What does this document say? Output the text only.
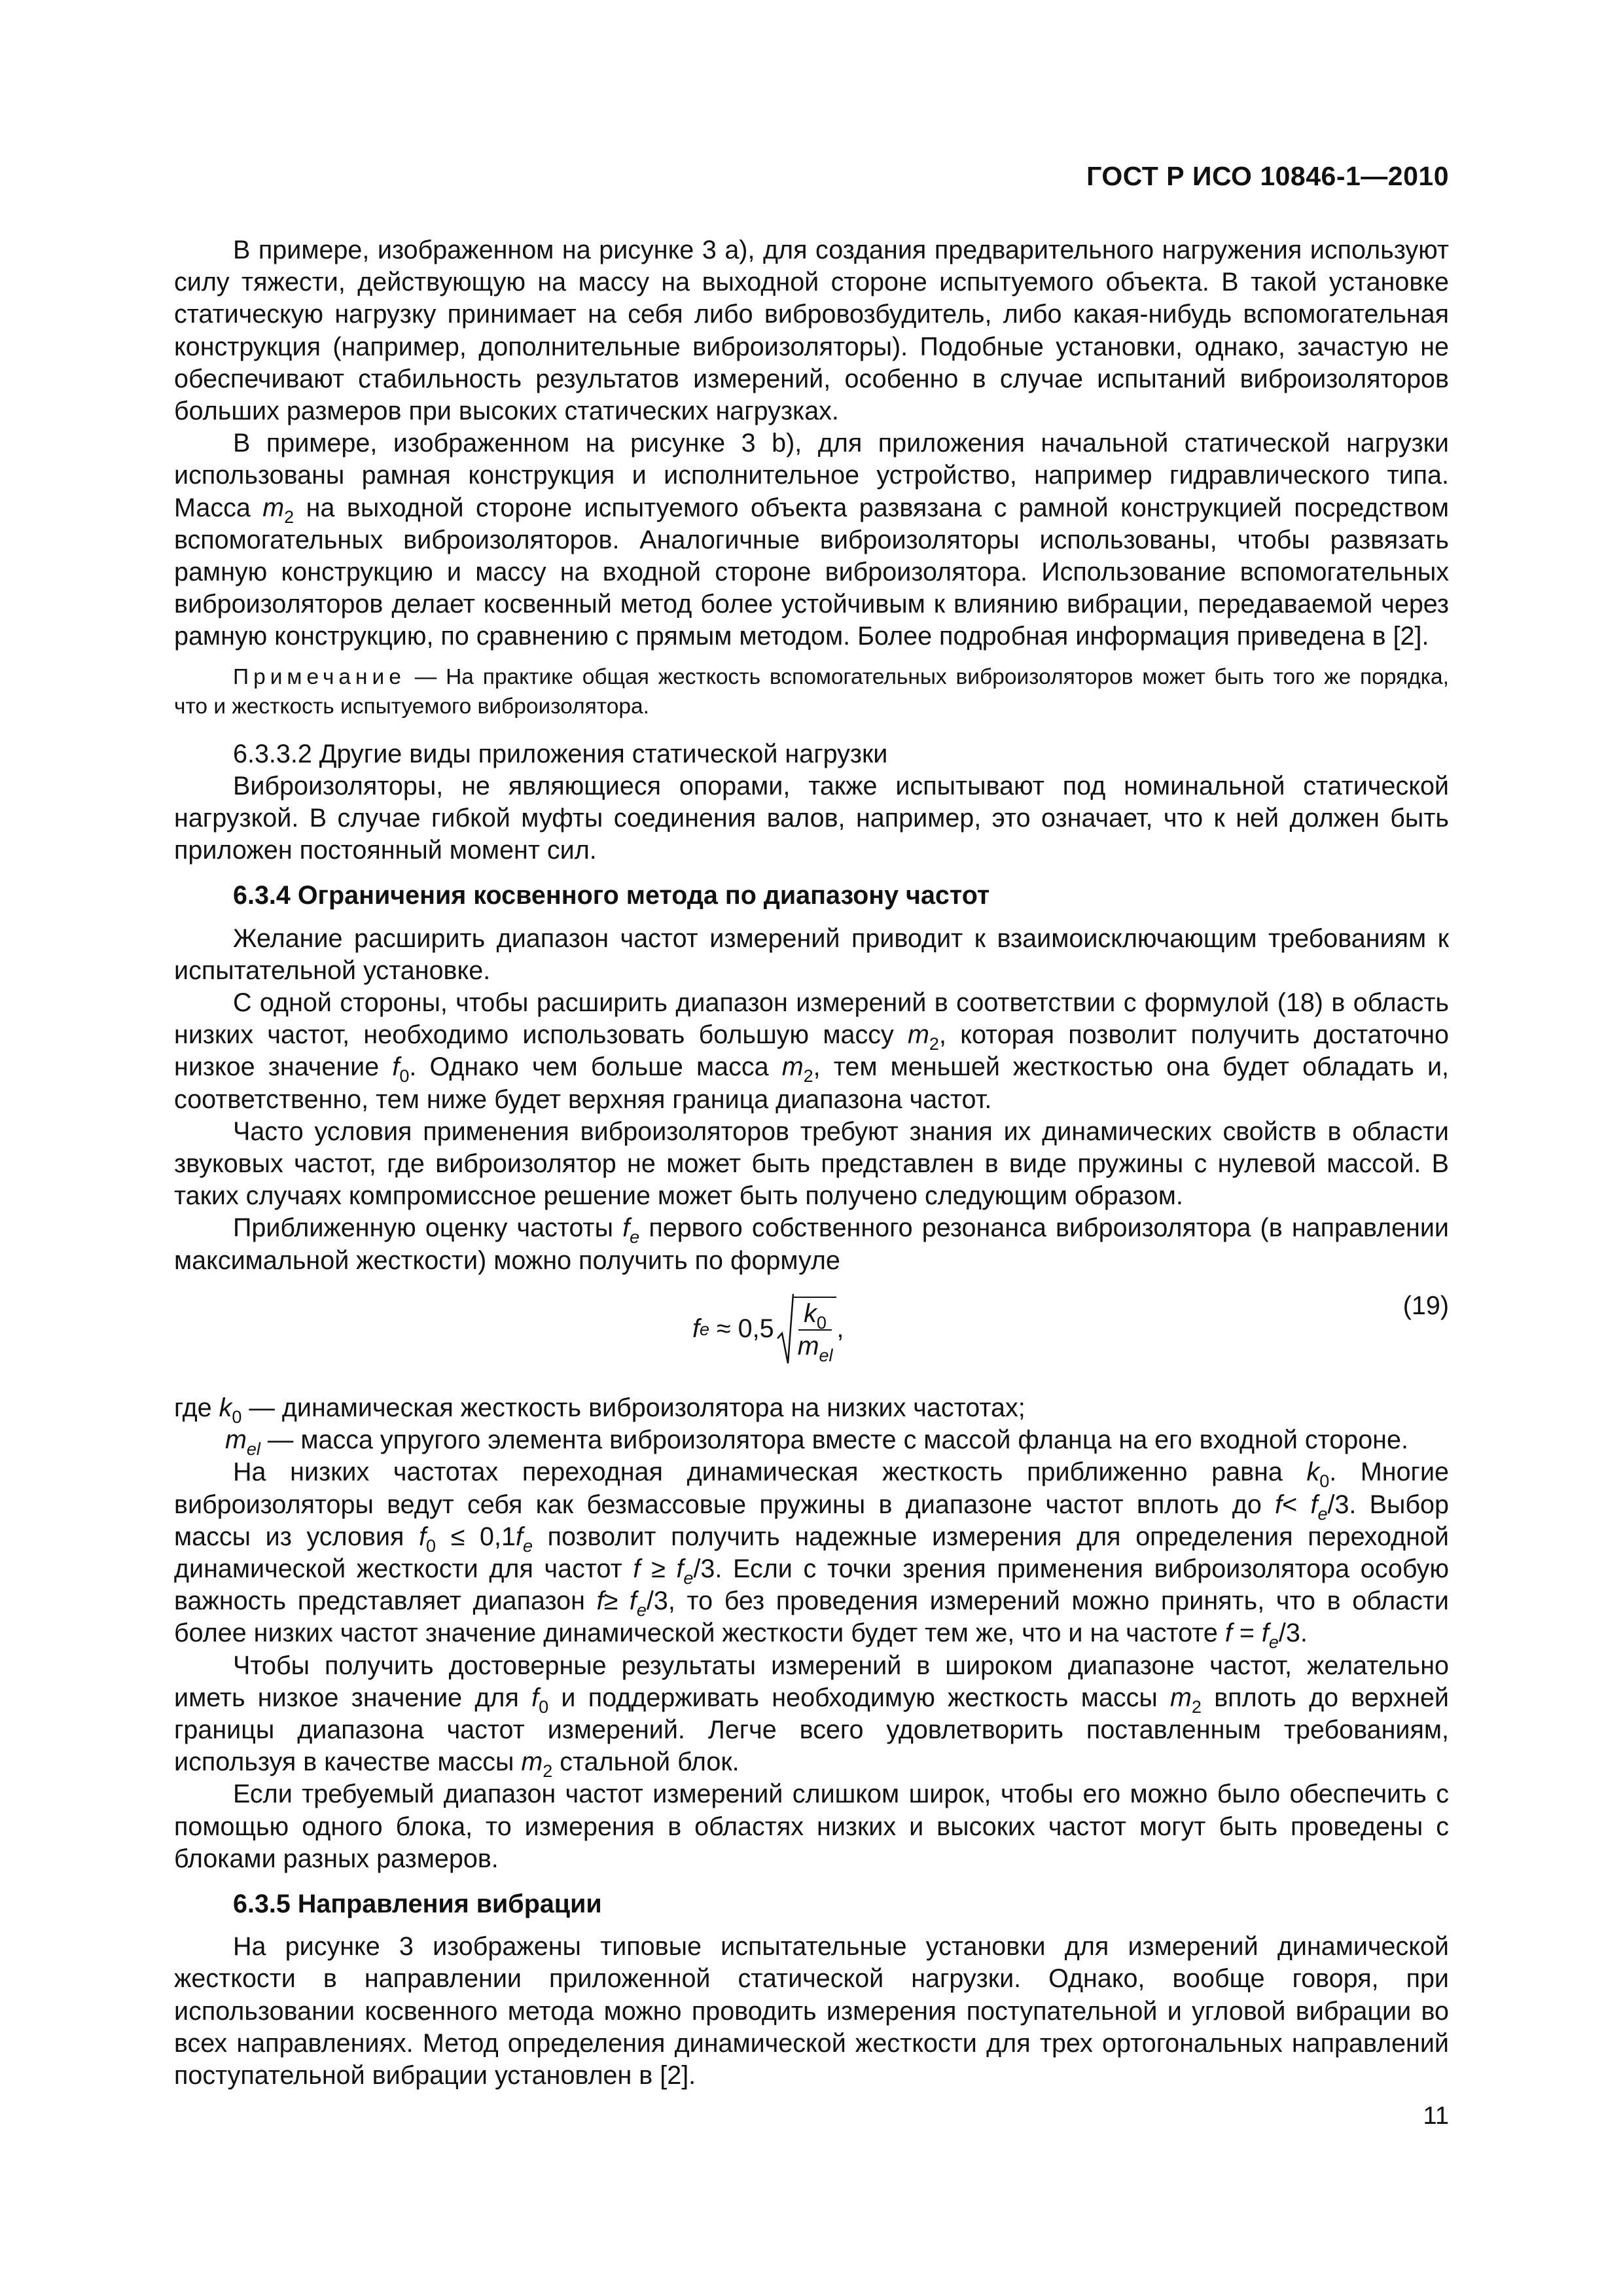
ГОСТ Р ИСО 10846-1—2010

В примере, изображенном на рисунке 3 а), для создания предварительного нагружения используют силу тяжести, действующую на массу на выходной стороне испытуемого объекта. В такой установке статическую нагрузку принимает на себя либо вибровозбудитель, либо какая-нибудь вспомогательная конструкция (например, дополнительные виброизоляторы). Подобные установки, однако, зачастую не обеспечивают стабильность результатов измерений, особенно в случае испытаний виброизоляторов больших размеров при высоких статических нагрузках.

В примере, изображенном на рисунке 3 b), для приложения начальной статической нагрузки использованы рамная конструкция и исполнительное устройство, например гидравлического типа. Масса $m_2$ на выходной стороне испытуемого объекта развязана с рамной конструкцией посредством вспомогательных виброизоляторов. Аналогичные виброизоляторы использованы, чтобы развязать рамную конструкцию и массу на входной стороне виброизолятора. Использование вспомогательных виброизоляторов делает косвенный метод более устойчивым к влиянию вибрации, передаваемой через рамную конструкцию, по сравнению с прямым методом. Более подробная информация приведена в [2].

Примечание — На практике общая жесткость вспомогательных виброизоляторов может быть того же порядка, что и жесткость испытуемого виброизолятора.

6.3.3.2 Другие виды приложения статической нагрузки

Виброизоляторы, не являющиеся опорами, также испытывают под номинальной статической нагрузкой. В случае гибкой муфты соединения валов, например, это означает, что к ней должен быть приложен постоянный момент сил.

6.3.4 Ограничения косвенного метода по диапазону частот

Желание расширить диапазон частот измерений приводит к взаимоисключающим требованиям к испытательной установке.

С одной стороны, чтобы расширить диапазон измерений в соответствии с формулой (18) в область низких частот, необходимо использовать большую массу $m_2$, которая позволит получить достаточно низкое значение $f_0$. Однако чем больше масса $m_2$, тем меньшей жесткостью она будет обладать и, соответственно, тем ниже будет верхняя граница диапазона частот.

Часто условия применения виброизоляторов требуют знания их динамических свойств в области звуковых частот, где виброизолятор не может быть представлен в виде пружины с нулевой массой. В таких случаях компромиссное решение может быть получено следующим образом.

Приближенную оценку частоты $f_e$ первого собственного резонанса виброизолятора (в направлении максимальной жесткости) можно получить по формуле

f $e \approx 0,5 \frac{k_0}{m_{el}}$ ,
(19)

где $k_0$ — динамическая жесткость виброизолятора на низких частотах;

$m_{el}$ — масса упругого элемента виброизолятора вместе с массой фланца на его входной стороне.

На низких частотах переходная динамическая жесткость приближенно равна $k_0$. Многие виброизоляторы ведут себя как безмассовые пружины в диапазоне частот вплоть до $f< f_e/3$. Выбор массы из условия $f_0 \le 0,1f_e$ позволит получить надежные измерения для определения переходной динамической жесткости для частот $f \ge f_e/3$. Если с точки зрения применения виброизолятора особую важность представляет диапазон $f\ge f_e/3$, то без проведения измерений можно принять, что в области более низких частот значение динамической жесткости будет тем же, что и на частоте $f = f_e/3$.

Чтобы получить достоверные результаты измерений в широком диапазоне частот, желательно иметь низкое значение для $f_0$ и поддерживать необходимую жесткость массы $m_2$ вплоть до верхней границы диапазона частот измерений. Легче всего удовлетворить поставленным требованиям, используя в качестве массы $m_2$ стальной блок.

Если требуемый диапазон частот измерений слишком широк, чтобы его можно было обеспечить с помощью одного блока, то измерения в областях низких и высоких частот могут быть проведены с блоками разных размеров.

6.3.5 Направления вибрации

На рисунке 3 изображены типовые испытательные установки для измерений динамической жесткости в направлении приложенной статической нагрузки. Однако, вообще говоря, при использовании косвенного метода можно проводить измерения поступательной и угловой вибрации во всех направлениях. Метод определения динамической жесткости для трех ортогональных направлений поступательной вибрации установлен в [2].

11
